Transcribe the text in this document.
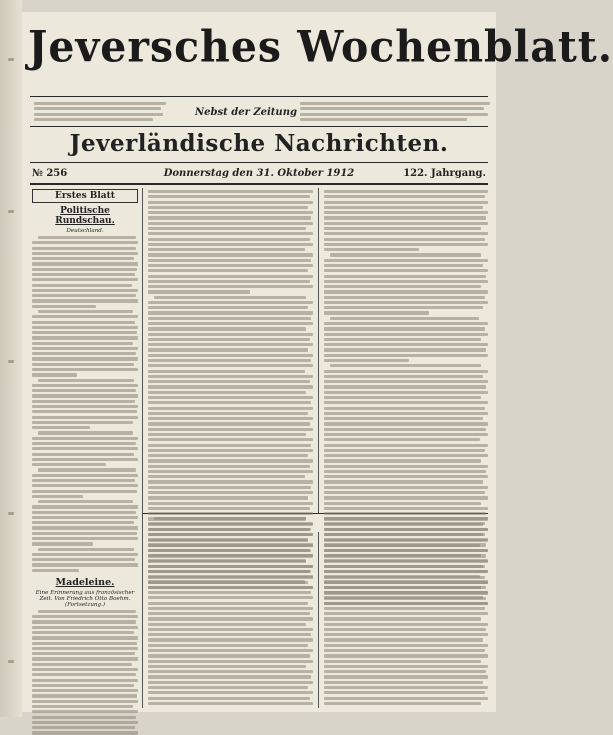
Jeversches Wochenblatt.
Nebst der Zeitung
Jeverländische Nachrichten.
№ 256	Donnerstag den 31. Oktober 1912	122. Jahrgang.
Erstes Blatt
Politische Rundschau.
Deutschland.
Madeleine.
Eine Erinnerung aus französischer Zeit. Von Friedrich Otto Boehm. (Fortsetzung.)
